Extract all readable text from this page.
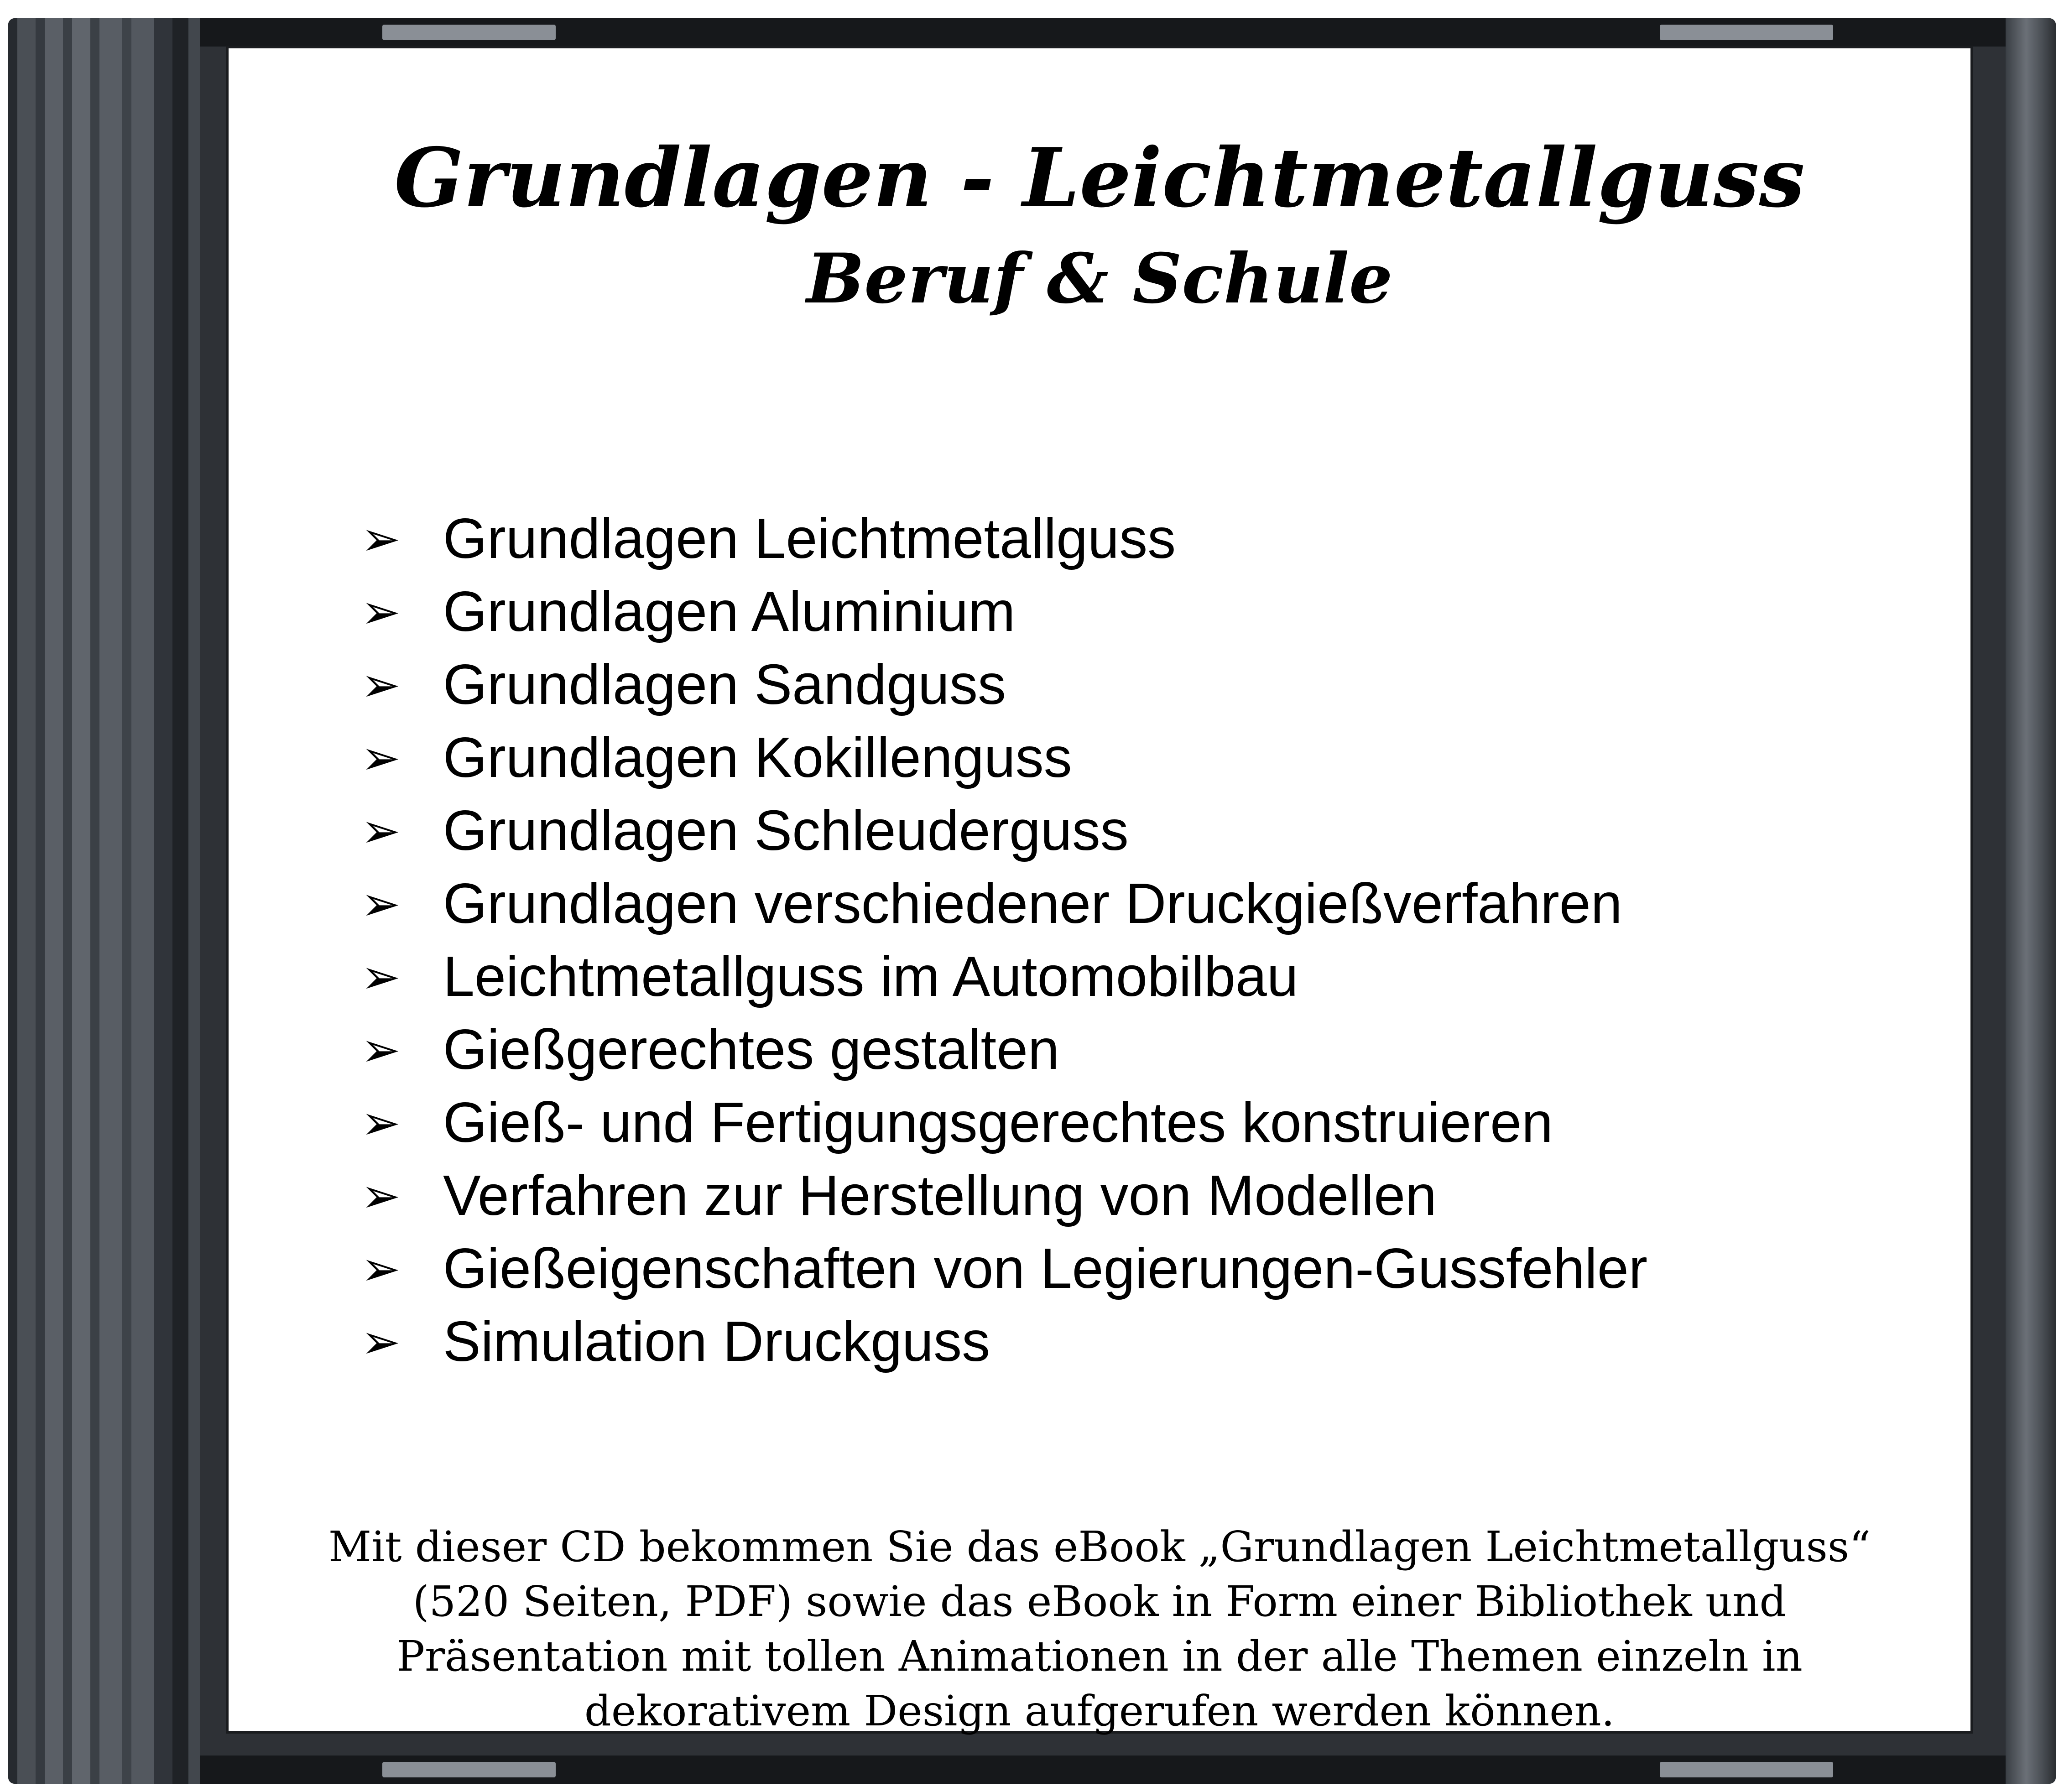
Grundlagen - Leichtmetallguss
Beruf & Schule
➢ Grundlagen Leichtmetallguss
➢ Grundlagen Aluminium
➢ Grundlagen Sandguss
➢ Grundlagen Kokillenguss
➢ Grundlagen Schleuderguss
➢ Grundlagen verschiedener Druckgießverfahren
➢ Leichtmetallguss im Automobilbau
➢ Gießgerechtes gestalten
➢ Gieß- und Fertigungsgerechtes konstruieren
➢ Verfahren zur Herstellung von Modellen
➢ Gießeigenschaften von Legierungen-Gussfehler
➢ Simulation Druckguss
Mit dieser CD bekommen Sie das eBook „Grundlagen Leichtmetallguss“
(520 Seiten, PDF) sowie das eBook in Form einer Bibliothek und
Präsentation mit tollen Animationen in der alle Themen einzeln in
dekorativem Design aufgerufen werden können.
